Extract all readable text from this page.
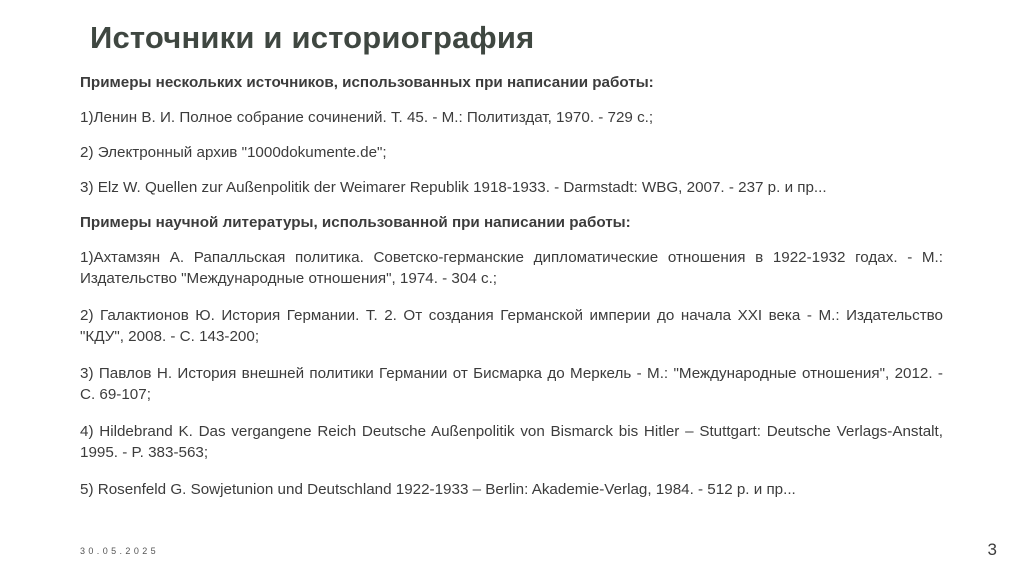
Источники и историография

Примеры нескольких источников, использованных при написании работы:

1)Ленин В. И. Полное собрание сочинений. Т. 45. - М.: Политиздат, 1970. - 729 с.;

2) Электронный архив "1000dokumente.de";

3) Elz W. Quellen zur Außenpolitik der Weimarer Republik 1918-1933. - Darmstadt: WBG, 2007. - 237 p. и пр...

Примеры научной литературы, использованной при написании работы:

1)Ахтамзян А. Рапалльская политика. Советско-германские дипломатические отношения в 1922-1932 годах. - М.: Издательство "Международные отношения", 1974. - 304 с.;

2) Галактионов Ю. История Германии. Т. 2. От создания Германской империи до начала XXI века - М.: Издательство "КДУ", 2008. - С. 143-200;

3) Павлов Н. История внешней политики Германии от Бисмарка до Меркель - М.: "Международные отношения", 2012. - С. 69-107;

4) Hildebrand K. Das vergangene Reich Deutsche Außenpolitik von Bismarck bis Hitler – Stuttgart: Deutsche Verlags-Anstalt, 1995. - P. 383-563;

5) Rosenfeld G. Sowjetunion und Deutschland 1922-1933 – Berlin: Akademie-Verlag, 1984. - 512 p. и пр...

30.05.2025	3
